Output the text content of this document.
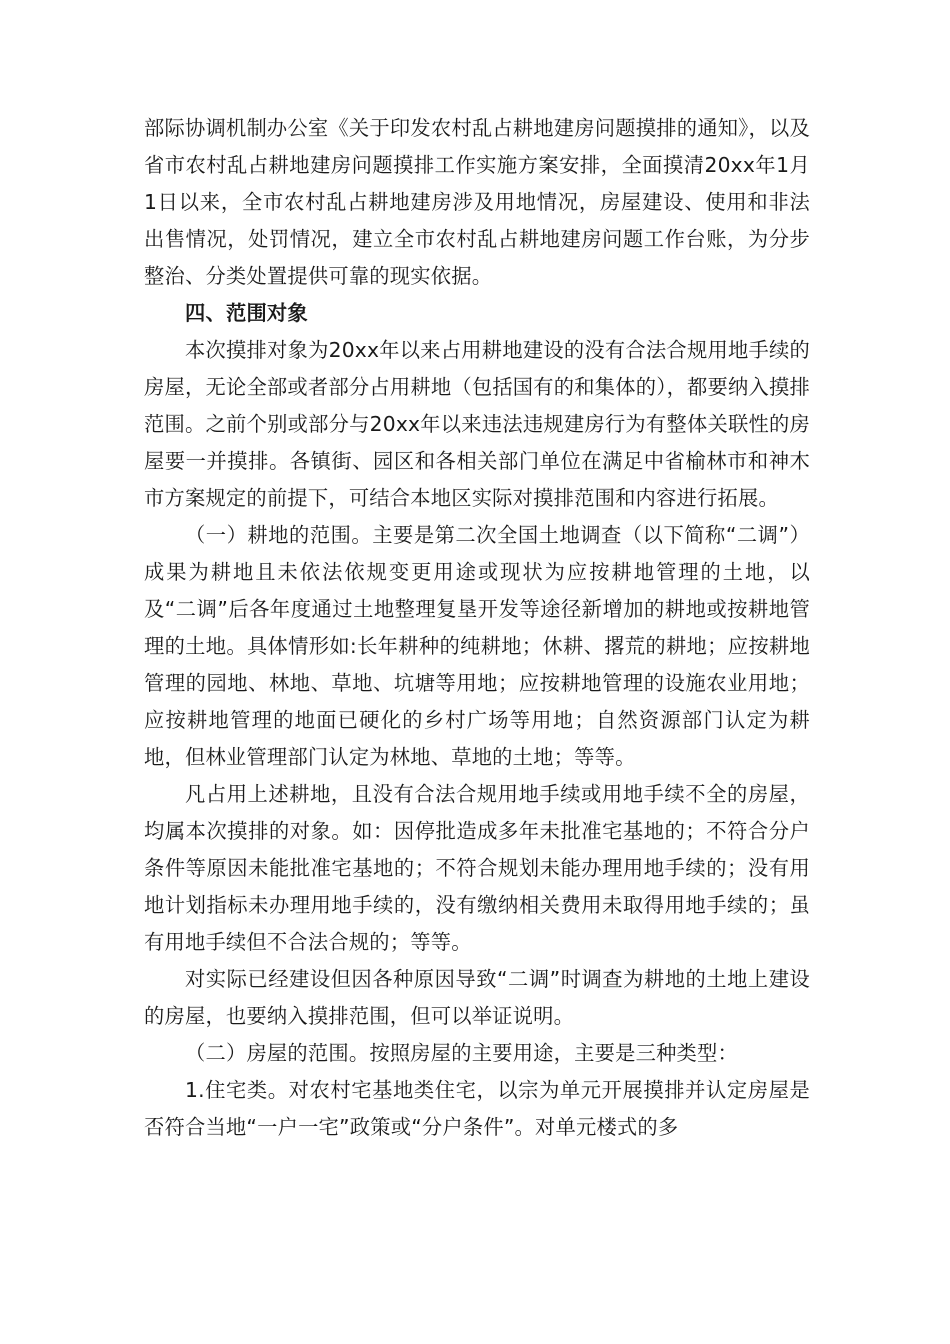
部际协调机制办公室《关于印发农村乱占耕地建房问题摸排的通知》，以及省市农村乱占耕地建房问题摸排工作实施方案安排，全面摸清20xx年1月1日以来，全市农村乱占耕地建房涉及用地情况，房屋建设、使用和非法出售情况，处罚情况，建立全市农村乱占耕地建房问题工作台账，为分步整治、分类处置提供可靠的现实依据。

四、范围对象

本次摸排对象为20xx年以来占用耕地建设的没有合法合规用地手续的房屋，无论全部或者部分占用耕地（包括国有的和集体的），都要纳入摸排范围。之前个别或部分与20xx年以来违法违规建房行为有整体关联性的房屋要一并摸排。各镇街、园区和各相关部门单位在满足中省榆林市和神木市方案规定的前提下，可结合本地区实际对摸排范围和内容进行拓展。

（一）耕地的范围。主要是第二次全国土地调查（以下简称“二调”）成果为耕地且未依法依规变更用途或现状为应按耕地管理的土地，以及“二调”后各年度通过土地整理复垦开发等途径新增加的耕地或按耕地管理的土地。具体情形如:长年耕种的纯耕地；休耕、撂荒的耕地；应按耕地管理的园地、林地、草地、坑塘等用地；应按耕地管理的设施农业用地；应按耕地管理的地面已硬化的乡村广场等用地；自然资源部门认定为耕地，但林业管理部门认定为林地、草地的土地；等等。

凡占用上述耕地，且没有合法合规用地手续或用地手续不全的房屋，均属本次摸排的对象。如：因停批造成多年未批准宅基地的；不符合分户条件等原因未能批准宅基地的；不符合规划未能办理用地手续的；没有用地计划指标未办理用地手续的，没有缴纳相关费用未取得用地手续的；虽有用地手续但不合法合规的；等等。

对实际已经建设但因各种原因导致“二调”时调查为耕地的土地上建设的房屋，也要纳入摸排范围，但可以举证说明。

（二）房屋的范围。按照房屋的主要用途，主要是三种类型：

1.住宅类。对农村宅基地类住宅，以宗为单元开展摸排并认定房屋是否符合当地“一户一宅”政策或“分户条件”。对单元楼式的多
